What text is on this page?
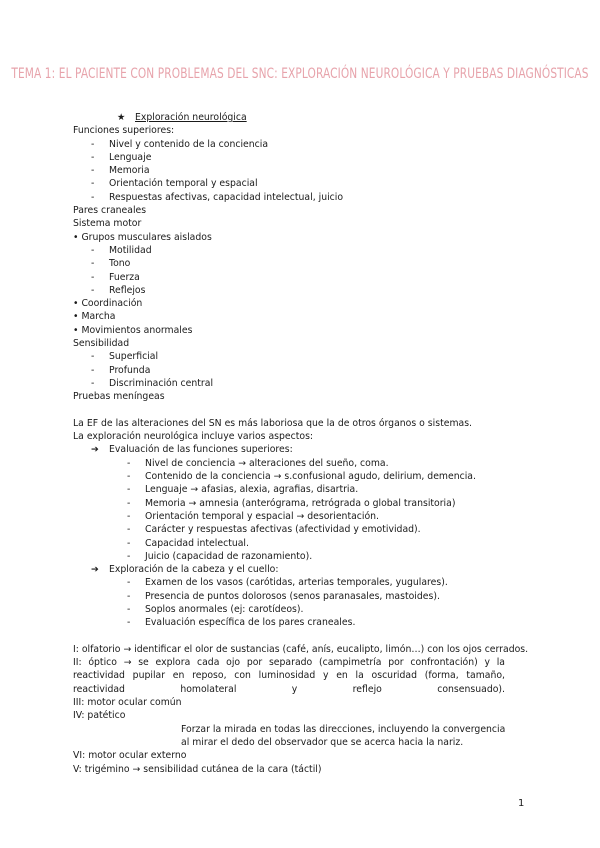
TEMA 1: EL PACIENTE CON PROBLEMAS DEL SNC: EXPLORACIÓN NEUROLÓGICA Y PRUEBAS DIAGNÓSTICAS
★ Exploración neurológica
Funciones superiores:
- Nivel y contenido de la conciencia
- Lenguaje
- Memoria
- Orientación temporal y espacial
- Respuestas afectivas, capacidad intelectual, juicio
Pares craneales
Sistema motor
• Grupos musculares aislados
- Motilidad
- Tono
- Fuerza
- Reflejos
• Coordinación
• Marcha
• Movimientos anormales
Sensibilidad
- Superficial
- Profunda
- Discriminación central
Pruebas meníngeas
La EF de las alteraciones del SN es más laboriosa que la de otros órganos o sistemas.
La exploración neurológica incluye varios aspectos:
➔ Evaluación de las funciones superiores:
- Nivel de conciencia → alteraciones del sueño, coma.
- Contenido de la conciencia → s.confusional agudo, delirium, demencia.
- Lenguaje → afasias, alexia, agrafias, disartria.
- Memoria → amnesia (anterógrama, retrógrada o global transitoria)
- Orientación temporal y espacial → desorientación.
- Carácter y respuestas afectivas (afectividad y emotividad).
- Capacidad intelectual.
- Juicio (capacidad de razonamiento).
➔ Exploración de la cabeza y el cuello:
- Examen de los vasos (carótidas, arterias temporales, yugulares).
- Presencia de puntos dolorosos (senos paranasales, mastoides).
- Soplos anormales (ej: carotídeos).
- Evaluación específica de los pares craneales.
I: olfatorio → identificar el olor de sustancias (café, anís, eucalipto, limón…) con los ojos cerrados.
II: óptico → se explora cada ojo por separado (campimetría por confrontación) y la reactividad pupilar en reposo, con luminosidad y en la oscuridad (forma, tamaño, reactividad homolateral y reflejo consensuado).
III: motor ocular común
IV: patético
Forzar la mirada en todas las direcciones, incluyendo la convergencia
al mirar el dedo del observador que se acerca hacia la nariz.
VI: motor ocular externo
V: trigémino → sensibilidad cutánea de la cara (táctil)
1
